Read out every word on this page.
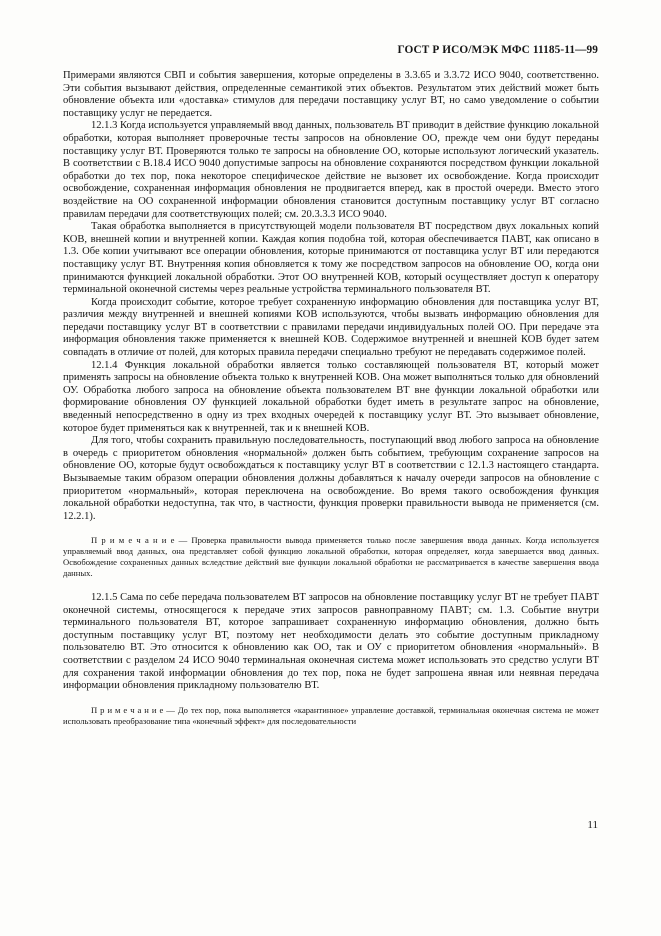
ГОСТ Р ИСО/МЭК МФС 11185-11—99

Примерами являются СВП и события завершения, которые определены в 3.3.65 и 3.3.72 ИСО 9040, соответственно. Эти события вызывают действия, определенные семантикой этих объектов. Результатом этих действий может быть обновление объекта или «доставка» стимулов для передачи поставщику услуг ВТ, но само уведомление о событии поставщику услуг не передается.

12.1.3 Когда используется управляемый ввод данных, пользователь ВТ приводит в действие функцию локальной обработки, которая выполняет проверочные тесты запросов на обновление ОО, прежде чем они будут переданы поставщику услуг ВТ. Проверяются только те запросы на обновление ОО, которые используют логический указатель. В соответствии с В.18.4 ИСО 9040 допустимые запросы на обновление сохраняются посредством функции локальной обработки до тех пор, пока некоторое специфическое действие не вызовет их освобождение. Когда происходит освобождение, сохраненная информация обновления не продвигается вперед, как в простой очереди. Вместо этого воздействие на ОО сохраненной информации обновления становится доступным поставщику услуг ВТ согласно правилам передачи для соответствующих полей; см. 20.3.3.3 ИСО 9040.

Такая обработка выполняется в присутствующей модели пользователя ВТ посредством двух локальных копий КОВ, внешней копии и внутренней копии. Каждая копия подобна той, которая обеспечивается ПАВТ, как описано в 1.3. Обе копии учитывают все операции обновления, которые принимаются от поставщика услуг ВТ или передаются поставщику услуг ВТ. Внутренняя копия обновляется к тому же посредством запросов на обновление ОО, когда они принимаются функцией локальной обработки. Этот ОО внутренней КОВ, который осуществляет доступ к оператору терминальной оконечной системы через реальные устройства терминального пользователя ВТ.

Когда происходит событие, которое требует сохраненную информацию обновления для поставщика услуг ВТ, различия между внутренней и внешней копиями КОВ используются, чтобы вызвать информацию обновления для передачи поставщику услуг ВТ в соответствии с правилами передачи индивидуальных полей ОО. При передаче эта информация обновления также применяется к внешней КОВ. Содержимое внутренней и внешней КОВ будет затем совпадать в отличие от полей, для которых правила передачи специально требуют не передавать содержимое полей.

12.1.4 Функция локальной обработки является только составляющей пользователя ВТ, который может применять запросы на обновление объекта только к внутренней КОВ. Она может выполняться только для обновлений ОУ. Обработка любого запроса на обновление объекта пользователем ВТ вне функции локальной обработки или формирование обновления ОУ функцией локальной обработки будет иметь в результате запрос на обновление, введенный непосредственно в одну из трех входных очередей к поставщику услуг ВТ. Это вызывает обновление, которое будет применяться как к внутренней, так и к внешней КОВ.

Для того, чтобы сохранить правильную последовательность, поступающий ввод любого запроса на обновление в очередь с приоритетом обновления «нормальной» должен быть событием, требующим сохранение запросов на обновление ОО, которые будут освобождаться к поставщику услуг ВТ в соответствии с 12.1.3 настоящего стандарта. Вызываемые таким образом операции обновления должны добавляться к началу очереди запросов на обновление с приоритетом «нормальный», которая переключена на освобождение. Во время такого освобождения функция локальной обработки недоступна, так что, в частности, функция проверки правильности вывода не применяется (см. 12.2.1).

П р и м е ч а н и е — Проверка правильности вывода применяется только после завершения ввода данных. Когда используется управляемый ввод данных, она представляет собой функцию локальной обработки, которая определяет, когда завершается ввод данных. Освобождение сохраненных данных вследствие действий вне функции локальной обработки не рассматривается в качестве завершения ввода данных.

12.1.5 Сама по себе передача пользователем ВТ запросов на обновление поставщику услуг ВТ не требует ПАВТ оконечной системы, относящегося к передаче этих запросов равноправному ПАВТ; см. 1.3. Событие внутри терминального пользователя ВТ, которое запрашивает сохраненную информацию обновления, должно быть доступным поставщику услуг ВТ, поэтому нет необходимости делать это событие доступным прикладному пользователю ВТ. Это относится к обновлению как ОО, так и ОУ с приоритетом обновления «нормальный». В соответствии с разделом 24 ИСО 9040 терминальная оконечная система может использовать это средство услуги ВТ для сохранения такой информации обновления до тех пор, пока не будет запрошена явная или неявная передача информации обновления прикладному пользователю ВТ.

П р и м е ч а н и е — До тех пор, пока выполняется «карантинное» управление доставкой, терминальная оконечная система не может использовать преобразование типа «конечный эффект» для последовательности

11
